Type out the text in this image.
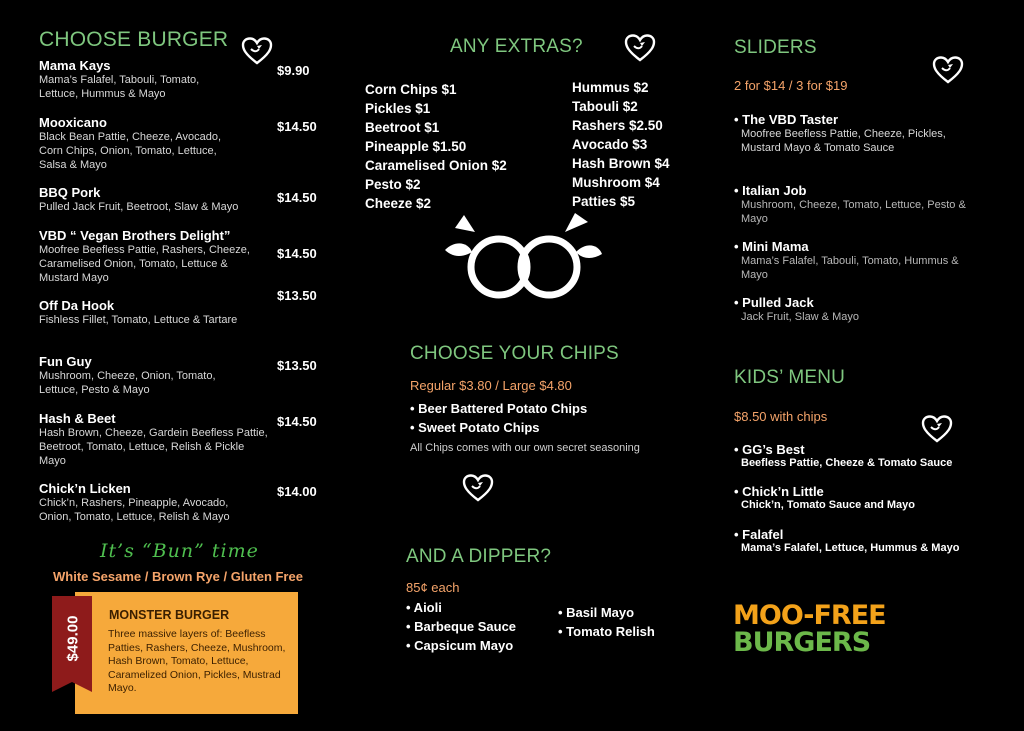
CHOOSE BURGER
Mama Kays
Mama’s Falafel, Tabouli, Tomato, Lettuce, Hummus & Mayo
$9.90
Mooxicano
Black Bean Pattie, Cheeze, Avocado, Corn Chips, Onion, Tomato, Lettuce, Salsa & Mayo
$14.50
BBQ Pork
Pulled Jack Fruit, Beetroot, Slaw & Mayo
$14.50
VBD “ Vegan Brothers Delight”
Moofree Beefless Pattie, Rashers, Cheeze, Caramelised Onion, Tomato, Lettuce & Mustard Mayo
$14.50
Off Da Hook
Fishless Fillet, Tomato, Lettuce & Tartare
$13.50
Fun Guy
Mushroom, Cheeze, Onion, Tomato, Lettuce, Pesto & Mayo
$13.50
Hash & Beet
Hash Brown, Cheeze, Gardein Beefless Pattie, Beetroot, Tomato, Lettuce, Relish & Pickle Mayo
$14.50
Chick’n Licken
Chick’n, Rashers, Pineapple, Avocado, Onion, Tomato, Lettuce, Relish & Mayo
$14.00
It’s “Bun” time
White Sesame / Brown Rye / Gluten Free
MONSTER BURGER
Three massive layers of: Beefless Patties, Rashers, Cheeze, Mushroom, Hash Brown, Tomato, Lettuce, Caramelized Onion, Pickles, Mustrad Mayo.
$49.00
ANY EXTRAS?
Corn Chips $1
Pickles $1
Beetroot $1
Pineapple $1.50
Caramelised Onion $2
Pesto $2
Cheeze $2
Hummus $2
Tabouli $2
Rashers $2.50
Avocado $3
Hash Brown $4
Mushroom $4
Patties $5
CHOOSE YOUR CHIPS
Regular $3.80 / Large $4.80
• Beer Battered Potato Chips
• Sweet Potato Chips
All Chips comes with our own secret seasoning
AND A DIPPER?
85¢ each
• Aioli
• Barbeque Sauce
• Capsicum Mayo
• Basil Mayo
• Tomato Relish
SLIDERS
2 for $14 / 3 for $19
• The VBD Taster
Moofree Beefless Pattie, Cheeze, Pickles, Mustard Mayo & Tomato Sauce
• Italian Job
Mushroom, Cheeze, Tomato, Lettuce, Pesto & Mayo
• Mini Mama
Mama’s Falafel, Tabouli, Tomato, Hummus & Mayo
• Pulled Jack
Jack Fruit, Slaw & Mayo
KIDS’ MENU
$8.50 with chips
• GG’s Best
Beefless Pattie, Cheeze & Tomato Sauce
• Chick’n Little
Chick’n, Tomato Sauce and Mayo
• Falafel
Mama’s Falafel, Lettuce, Hummus & Mayo
MOO-FREE
BURGERS
